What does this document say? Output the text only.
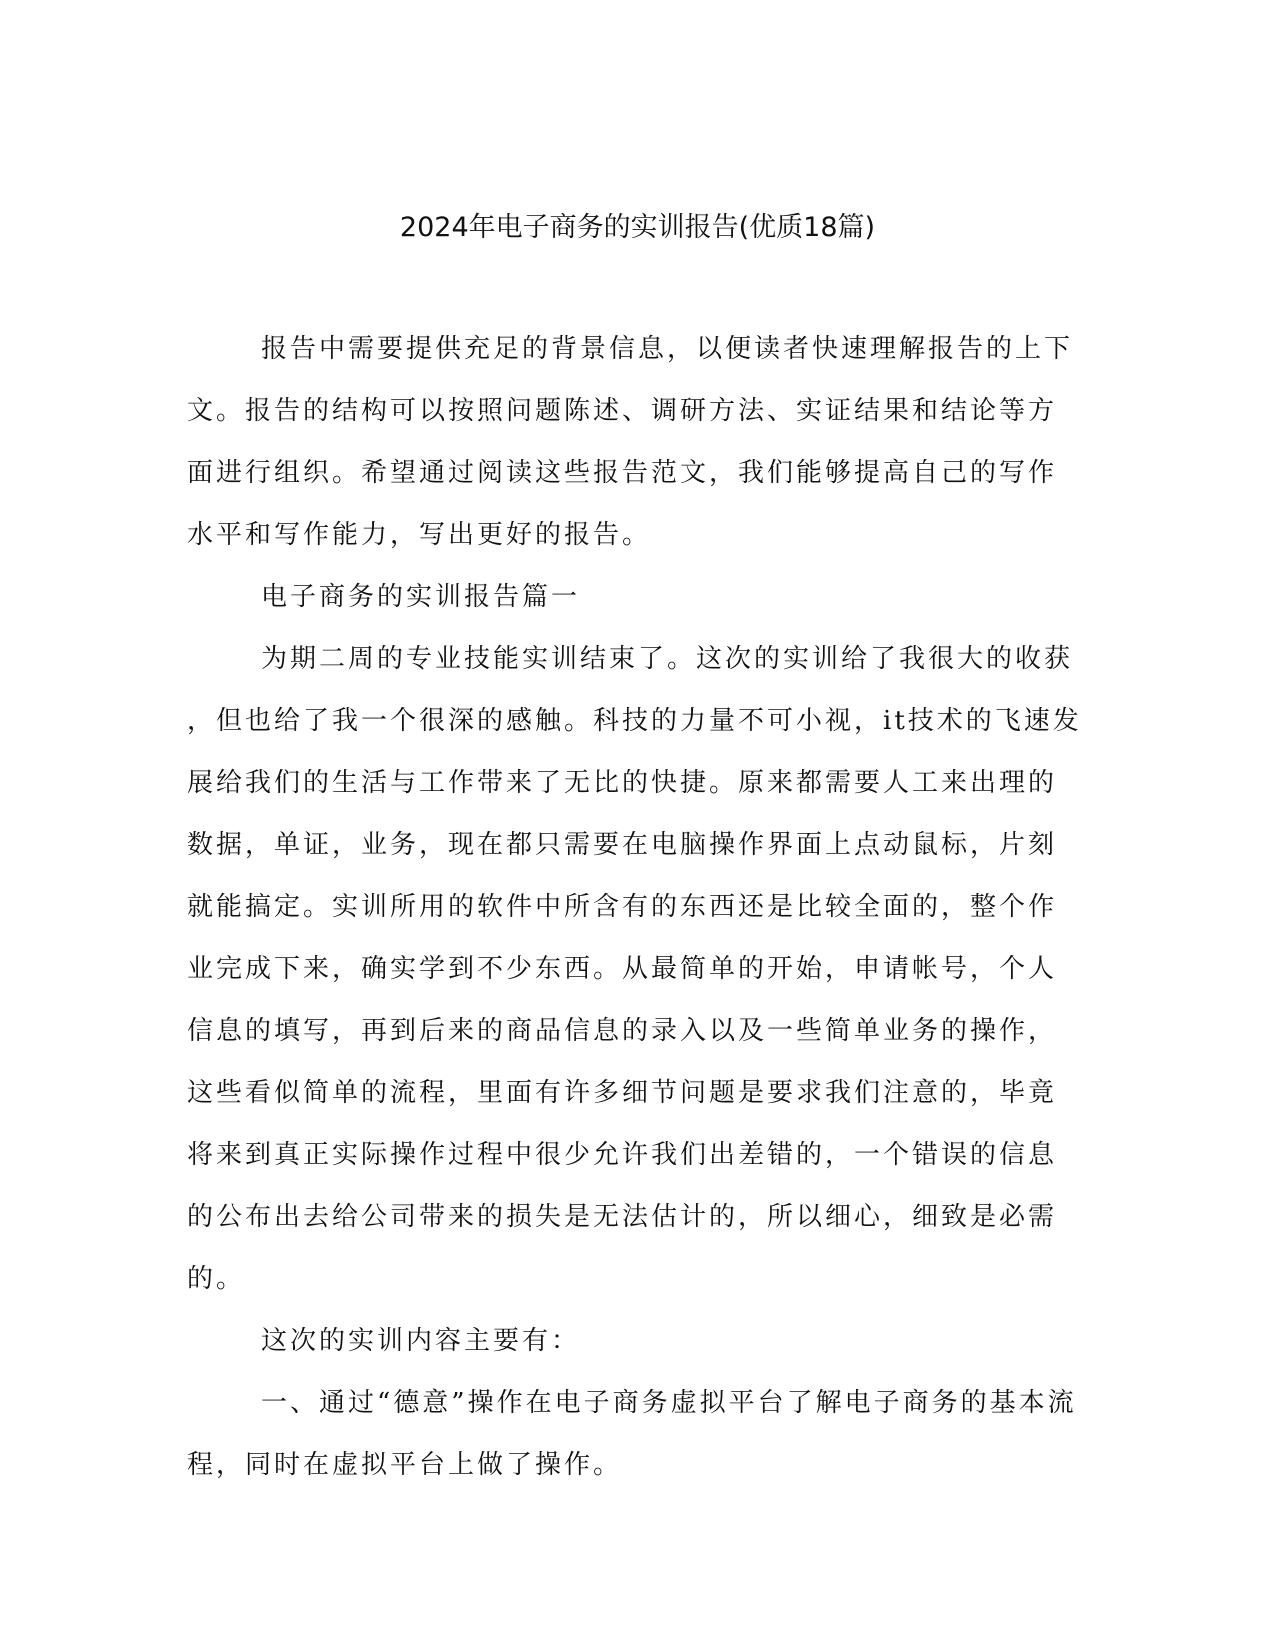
2024年电子商务的实训报告(优质18篇)
报告中需要提供充足的背景信息，以便读者快速理解报告的上下
文。报告的结构可以按照问题陈述、调研方法、实证结果和结论等方
面进行组织。希望通过阅读这些报告范文，我们能够提高自己的写作
水平和写作能力，写出更好的报告。
电子商务的实训报告篇一
为期二周的专业技能实训结束了。这次的实训给了我很大的收获
，但也给了我一个很深的感触。科技的力量不可小视，it技术的飞速发
展给我们的生活与工作带来了无比的快捷。原来都需要人工来出理的
数据，单证，业务，现在都只需要在电脑操作界面上点动鼠标，片刻
就能搞定。实训所用的软件中所含有的东西还是比较全面的，整个作
业完成下来，确实学到不少东西。从最简单的开始，申请帐号，个人
信息的填写，再到后来的商品信息的录入以及一些简单业务的操作，
这些看似简单的流程，里面有许多细节问题是要求我们注意的，毕竟
将来到真正实际操作过程中很少允许我们出差错的，一个错误的信息
的公布出去给公司带来的损失是无法估计的，所以细心，细致是必需
的。
这次的实训内容主要有：
一、通过“德意”操作在电子商务虚拟平台了解电子商务的基本流
程，同时在虚拟平台上做了操作。
